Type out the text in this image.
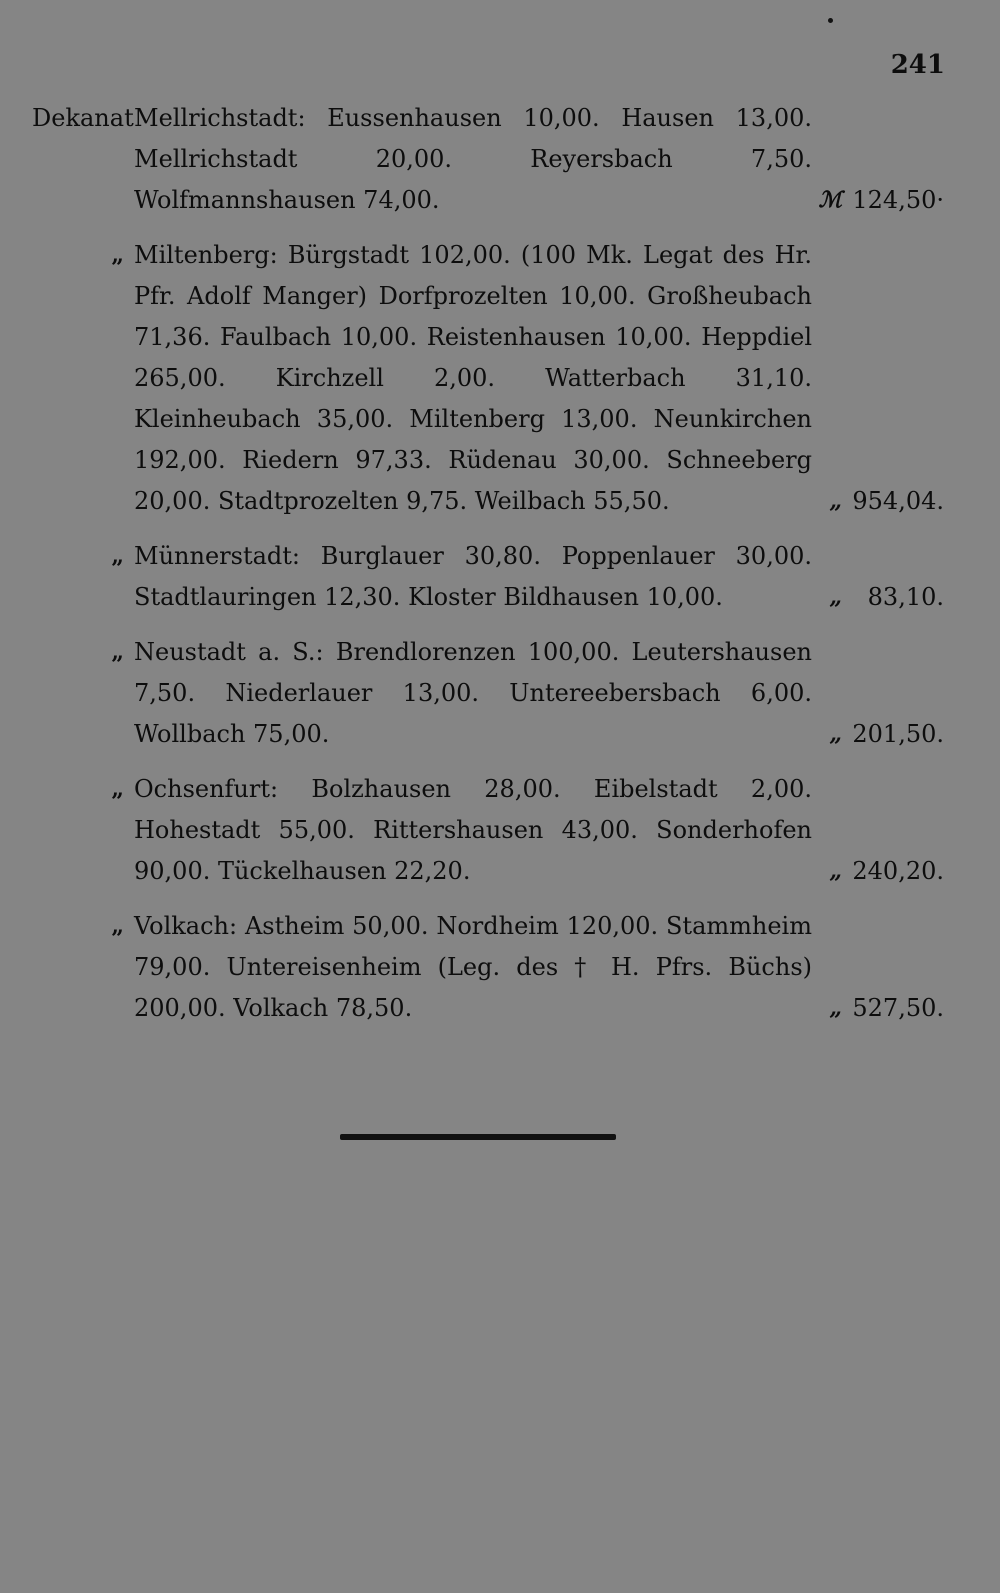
241
Dekanat Mellrichstadt: Eussenhausen 10,00. Hausen 13,00. Mellrichstadt 20,00. Reyersbach 7,50. Wolfmannshausen 74,00.	ℳ 124,50·
„ Miltenberg: Bürgstadt 102,00. (100 Mk. Legat des Hr. Pfr. Adolf Manger) Dorfprozelten 10,00. Großheubach 71,36. Faulbach 10,00. Reistenhausen 10,00. Heppdiel 265,00. Kirchzell 2,00. Watterbach 31,10. Kleinheubach 35,00. Miltenberg 13,00. Neunkirchen 192,00. Riedern 97,33. Rüdenau 30,00. Schneeberg 20,00. Stadtprozelten 9,75. Weilbach 55,50.	„ 954,04.
„ Münnerstadt: Burglauer 30,80. Poppenlauer 30,00. Stadtlauringen 12,30. Kloster Bildhausen 10,00.	„	83,10.
„ Neustadt a. S.: Brendlorenzen 100,00. Leutershausen 7,50. Niederlauer 13,00. Untereebersbach 6,00. Wollbach 75,00.	„ 201,50.
„ Ochsenfurt: Bolzhausen 28,00. Eibelstadt 2,00. Hohestadt 55,00. Rittershausen 43,00. Sonderhofen 90,00. Tückelhausen 22,20.	„ 240,20.
„ Volkach: Astheim 50,00. Nordheim 120,00. Stammheim 79,00. Untereisenheim (Leg. des † H. Pfrs. Büchs) 200,00. Volkach 78,50.	„ 527,50.
